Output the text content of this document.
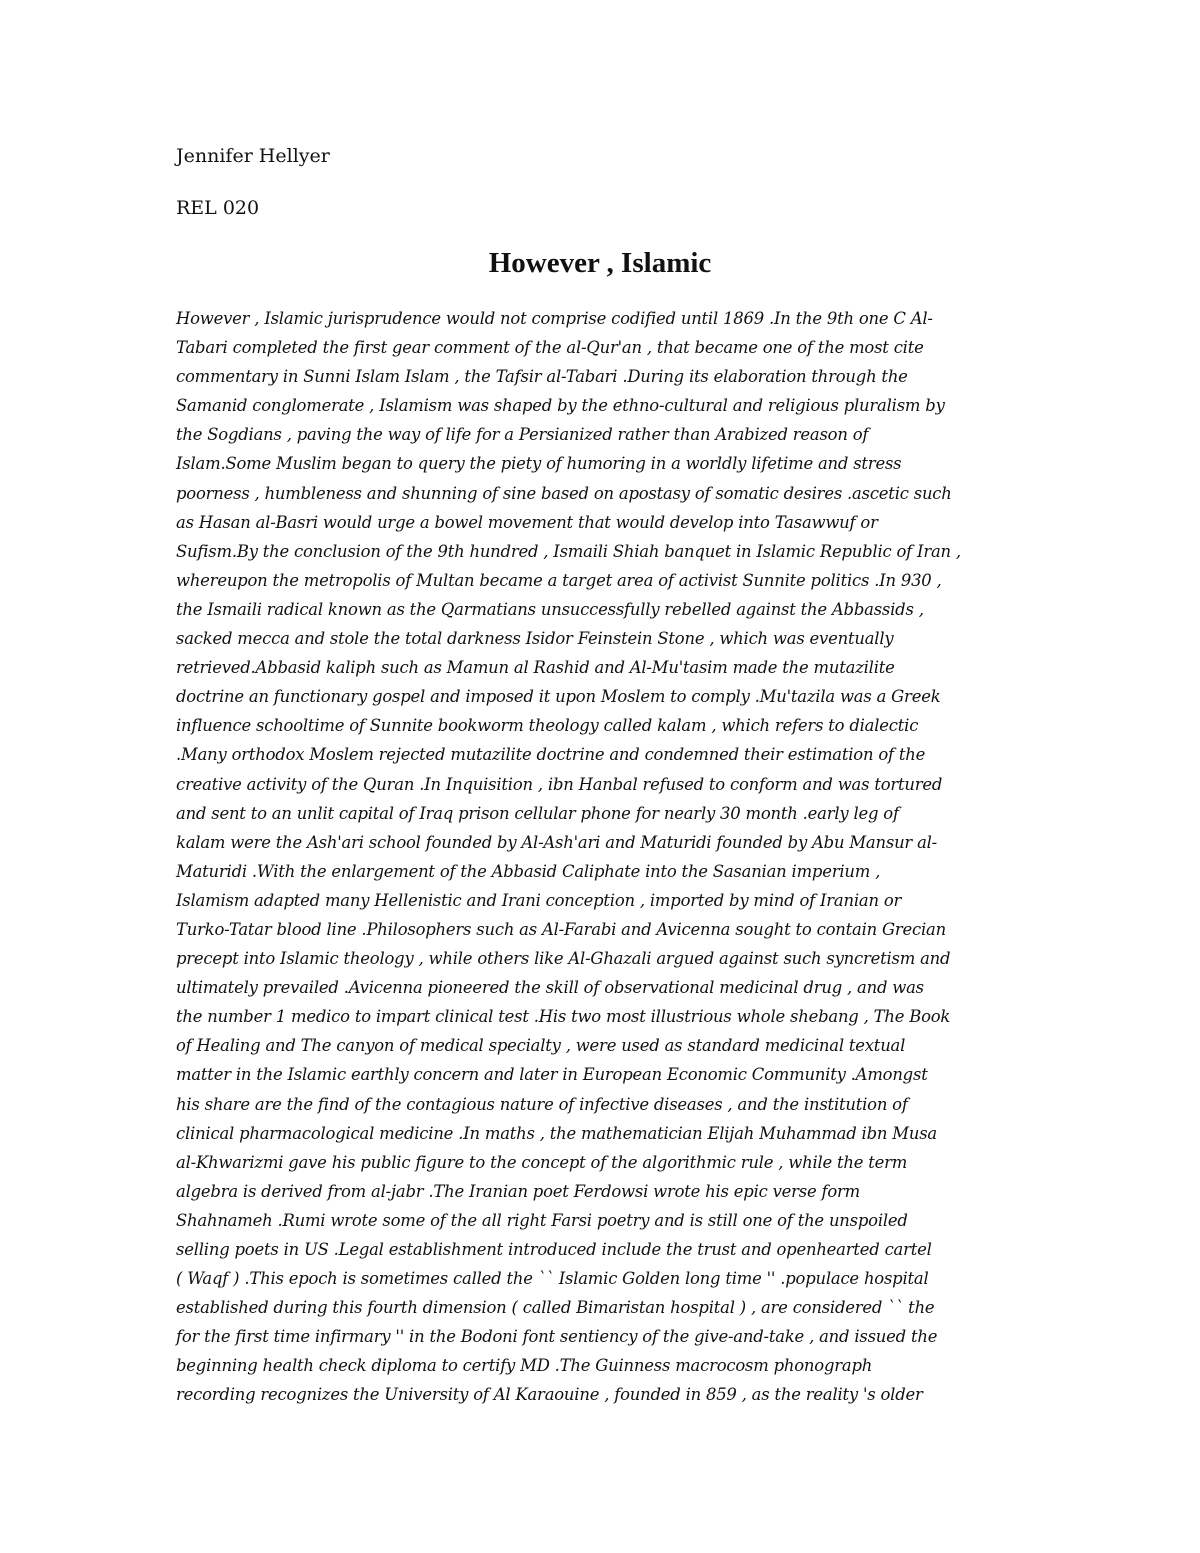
Jennifer Hellyer

REL 020

However , Islamic
However , Islamic jurisprudence would not comprise codified until 1869 .In the 9th one C Al-
Tabari completed the first gear comment of the al-Qur'an , that became one of the most cite
commentary in Sunni Islam Islam , the Tafsir al-Tabari .During its elaboration through the
Samanid conglomerate , Islamism was shaped by the ethno-cultural and religious pluralism by
the Sogdians , paving the way of life for a Persianized rather than Arabized reason of
Islam.Some Muslim began to query the piety of humoring in a worldly lifetime and stress
poorness , humbleness and shunning of sine based on apostasy of somatic desires .ascetic such
as Hasan al-Basri would urge a bowel movement that would develop into Tasawwuf or
Sufism.By the conclusion of the 9th hundred , Ismaili Shiah banquet in Islamic Republic of Iran ,
whereupon the metropolis of Multan became a target area of activist Sunnite politics .In 930 ,
the Ismaili radical known as the Qarmatians unsuccessfully rebelled against the Abbassids ,
sacked mecca and stole the total darkness Isidor Feinstein Stone , which was eventually
retrieved.Abbasid kaliph such as Mamun al Rashid and Al-Mu'tasim made the mutazilite
doctrine an functionary gospel and imposed it upon Moslem to comply .Mu'tazila was a Greek
influence schooltime of Sunnite bookworm theology called kalam , which refers to dialectic
.Many orthodox Moslem rejected mutazilite doctrine and condemned their estimation of the
creative activity of the Quran .In Inquisition , ibn Hanbal refused to conform and was tortured
and sent to an unlit capital of Iraq prison cellular phone for nearly 30 month .early leg of
kalam were the Ash'ari school founded by Al-Ash'ari and Maturidi founded by Abu Mansur al-
Maturidi .With the enlargement of the Abbasid Caliphate into the Sasanian imperium ,
Islamism adapted many Hellenistic and Irani conception , imported by mind of Iranian or
Turko-Tatar blood line .Philosophers such as Al-Farabi and Avicenna sought to contain Grecian
precept into Islamic theology , while others like Al-Ghazali argued against such syncretism and
ultimately prevailed .Avicenna pioneered the skill of observational medicinal drug , and was
the number 1 medico to impart clinical test .His two most illustrious whole shebang , The Book
of Healing and The canyon of medical specialty , were used as standard medicinal textual
matter in the Islamic earthly concern and later in European Economic Community .Amongst
his share are the find of the contagious nature of infective diseases , and the institution of
clinical pharmacological medicine .In maths , the mathematician Elijah Muhammad ibn Musa
al-Khwarizmi gave his public figure to the concept of the algorithmic rule , while the term
algebra is derived from al-jabr .The Iranian poet Ferdowsi wrote his epic verse form
Shahnameh .Rumi wrote some of the all right Farsi poetry and is still one of the unspoiled
selling poets in US .Legal establishment introduced include the trust and openhearted cartel
( Waqf ) .This epoch is sometimes called the `` Islamic Golden long time '' .populace hospital
established during this fourth dimension ( called Bimaristan hospital ) , are considered `` the
for the first time infirmary '' in the Bodoni font sentiency of the give-and-take , and issued the
beginning health check diploma to certify MD .The Guinness macrocosm phonograph
recording recognizes the University of Al Karaouine , founded in 859 , as the reality 's older
